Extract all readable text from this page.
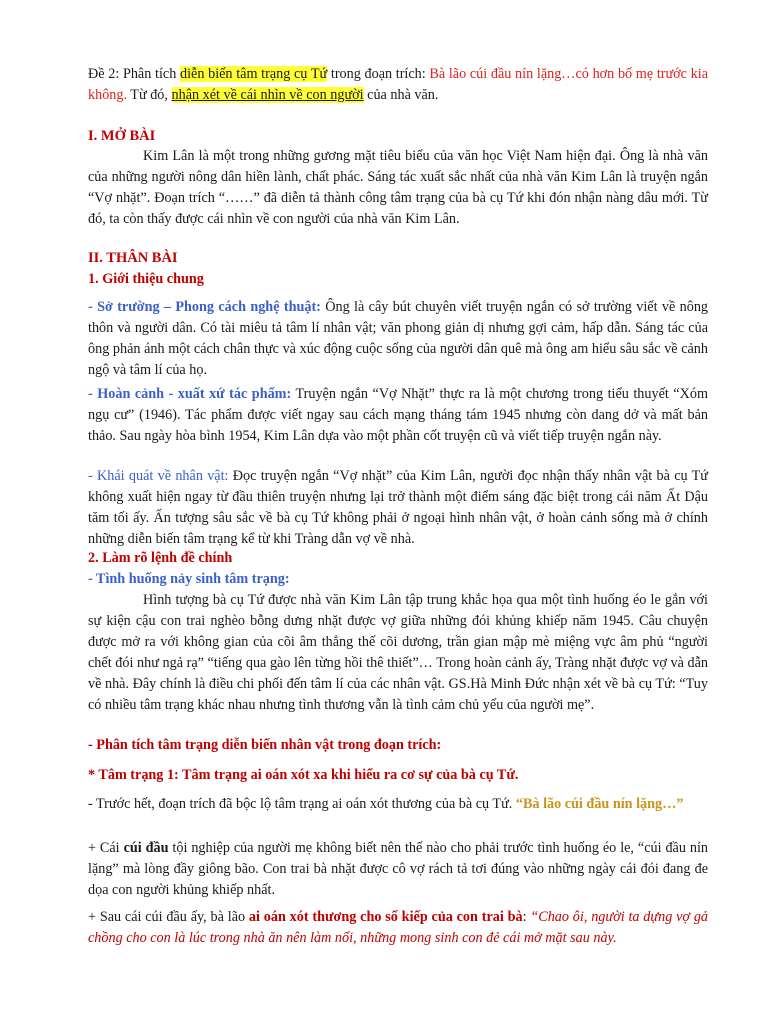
Đề 2: Phân tích diễn biến tâm trạng cụ Tứ trong đoạn trích: Bà lão cúi đầu nín lặng…có hơn bố mẹ trước kia không. Từ đó, nhận xét về cái nhìn về con người của nhà văn.

I. MỞ BÀI

Kim Lân là một trong những gương mặt tiêu biểu của văn học Việt Nam hiện đại. Ông là nhà văn của những người nông dân hiền lành, chất phác. Sáng tác xuất sắc nhất của nhà văn Kim Lân là truyện ngắn “Vợ nhặt”. Đoạn trích “……” đã diễn tả thành công tâm trạng của bà cụ Tứ khi đón nhận nàng dâu mới. Từ đó, ta còn thấy được cái nhìn về con người của nhà văn Kim Lân.

II. THÂN BÀI

1. Giới thiệu chung

- Sở trường – Phong cách nghệ thuật: Ông là cây bút chuyên viết truyện ngắn có sở trường viết về nông thôn và người dân. Có tài miêu tả tâm lí nhân vật; văn phong giản dị nhưng gợi cảm, hấp dẫn. Sáng tác của ông phản ánh một cách chân thực và xúc động cuộc sống của người dân quê mà ông am hiểu sâu sắc về cảnh ngộ và tâm lí của họ.

- Hoàn cảnh - xuất xứ tác phẩm: Truyện ngắn “Vợ Nhặt” thực ra là một chương trong tiểu thuyết “Xóm ngụ cư” (1946). Tác phẩm được viết ngay sau cách mạng tháng tám 1945 nhưng còn dang dở và mất bản thảo. Sau ngày hòa bình 1954, Kim Lân dựa vào một phần cốt truyện cũ và viết tiếp truyện ngắn này.

- Khái quát về nhân vật: Đọc truyện ngắn “Vợ nhặt” của Kim Lân, người đọc nhận thấy nhân vật bà cụ Tứ không xuất hiện ngay từ đầu thiên truyện nhưng lại trở thành một điểm sáng đặc biệt trong cái năm Ất Dậu tăm tối ấy. Ấn tượng sâu sắc về bà cụ Tứ không phải ở ngoại hình nhân vật, ở hoàn cảnh sống mà ở chính những diễn biến tâm trạng kể từ khi Tràng dẫn vợ về nhà.

2. Làm rõ lệnh đề chính

- Tình huống nảy sinh tâm trạng:

Hình tượng bà cụ Tứ được nhà văn Kim Lân tập trung khắc họa qua một tình huống éo le gắn với sự kiện cậu con trai nghèo bỗng dưng nhặt được vợ giữa những đói khủng khiếp năm 1945. Câu chuyện được mở ra với không gian của cõi âm thẳng thế cõi dương, trần gian mập mè miệng vực âm phủ “người chết đói như ngả rạ” “tiếng qua gào lên từng hồi thê thiết”… Trong hoàn cảnh ấy, Tràng nhặt được vợ và dẫn về nhà. Đây chính là điều chi phối đến tâm lí của các nhân vật. GS.Hà Minh Đức nhận xét về bà cụ Tứ: “Tuy có nhiều tâm trạng khác nhau nhưng tình thương vẫn là tình cảm chủ yếu của người mẹ”.

- Phân tích tâm trạng diễn biến nhân vật trong đoạn trích:

* Tâm trạng 1: Tâm trạng ai oán xót xa khi hiểu ra cơ sự của bà cụ Tứ.

- Trước hết, đoạn trích đã bộc lộ tâm trạng ai oán xót thương của bà cụ Tứ. “Bà lão cúi đầu nín lặng…”

+ Cái cúi đầu tội nghiệp của người mẹ không biết nên thế nào cho phải trước tình huống éo le, “cúi đầu nín lặng” mà lòng đầy giông bão. Con trai bà nhặt được cô vợ rách tả tơi đúng vào những ngày cái đói đang đe dọa con người khủng khiếp nhất.

+ Sau cái cúi đầu ấy, bà lão ai oán xót thương cho số kiếp của con trai bà: “Chao ôi, người ta dựng vợ gả chồng cho con là lúc trong nhà ăn nên làm nổi, những mong sinh con đẻ cái mở mặt sau này.
